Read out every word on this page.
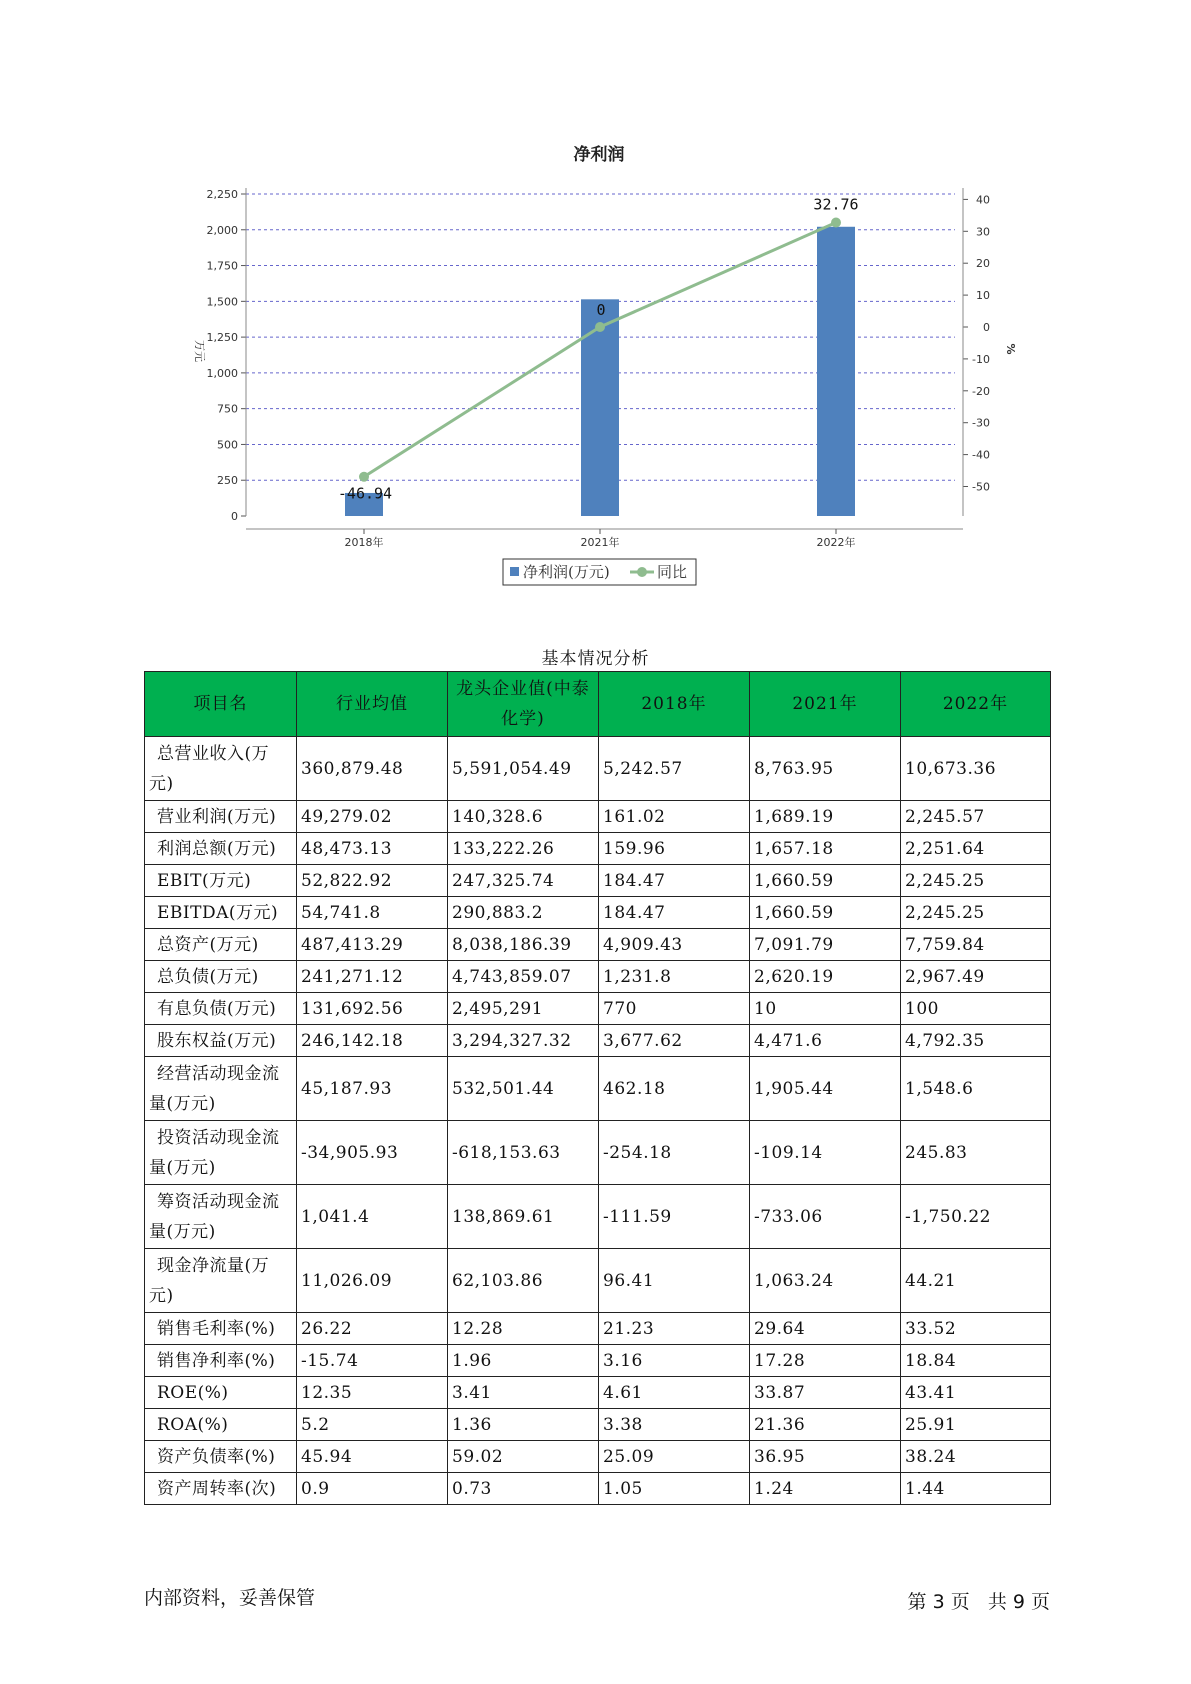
净利润
0
250
500
750
1,000
1,250
1,500
1,750
2,000
2,250
-50
-40
-30
-20
-10
0
10
20
30
40
2018年	2021年	2022年
-46.94
0
32.76
万元	%
净利润(万元)	同比
基本情况分析
项目名	行业均值	龙头企业值(中泰化学)	2018年	2021年	2022年
总营业收入(万元)	360,879.48	5,591,054.49	5,242.57	8,763.95	10,673.36
营业利润(万元)	49,279.02	140,328.6	161.02	1,689.19	2,245.57
利润总额(万元)	48,473.13	133,222.26	159.96	1,657.18	2,251.64
EBIT(万元)	52,822.92	247,325.74	184.47	1,660.59	2,245.25
EBITDA(万元)	54,741.8	290,883.2	184.47	1,660.59	2,245.25
总资产(万元)	487,413.29	8,038,186.39	4,909.43	7,091.79	7,759.84
总负债(万元)	241,271.12	4,743,859.07	1,231.8	2,620.19	2,967.49
有息负债(万元)	131,692.56	2,495,291	770	10	100
股东权益(万元)	246,142.18	3,294,327.32	3,677.62	4,471.6	4,792.35
经营活动现金流量(万元)	45,187.93	532,501.44	462.18	1,905.44	1,548.6
投资活动现金流量(万元)	-34,905.93	-618,153.63	-254.18	-109.14	245.83
筹资活动现金流量(万元)	1,041.4	138,869.61	-111.59	-733.06	-1,750.22
现金净流量(万元)	11,026.09	62,103.86	96.41	1,063.24	44.21
销售毛利率(%)	26.22	12.28	21.23	29.64	33.52
销售净利率(%)	-15.74	1.96	3.16	17.28	18.84
ROE(%)	12.35	3.41	4.61	33.87	43.41
ROA(%)	5.2	1.36	3.38	21.36	25.91
资产负债率(%)	45.94	59.02	25.09	36.95	38.24
资产周转率(次)	0.9	0.73	1.05	1.24	1.44
内部资料，妥善保管	第 3 页   共 9 页
